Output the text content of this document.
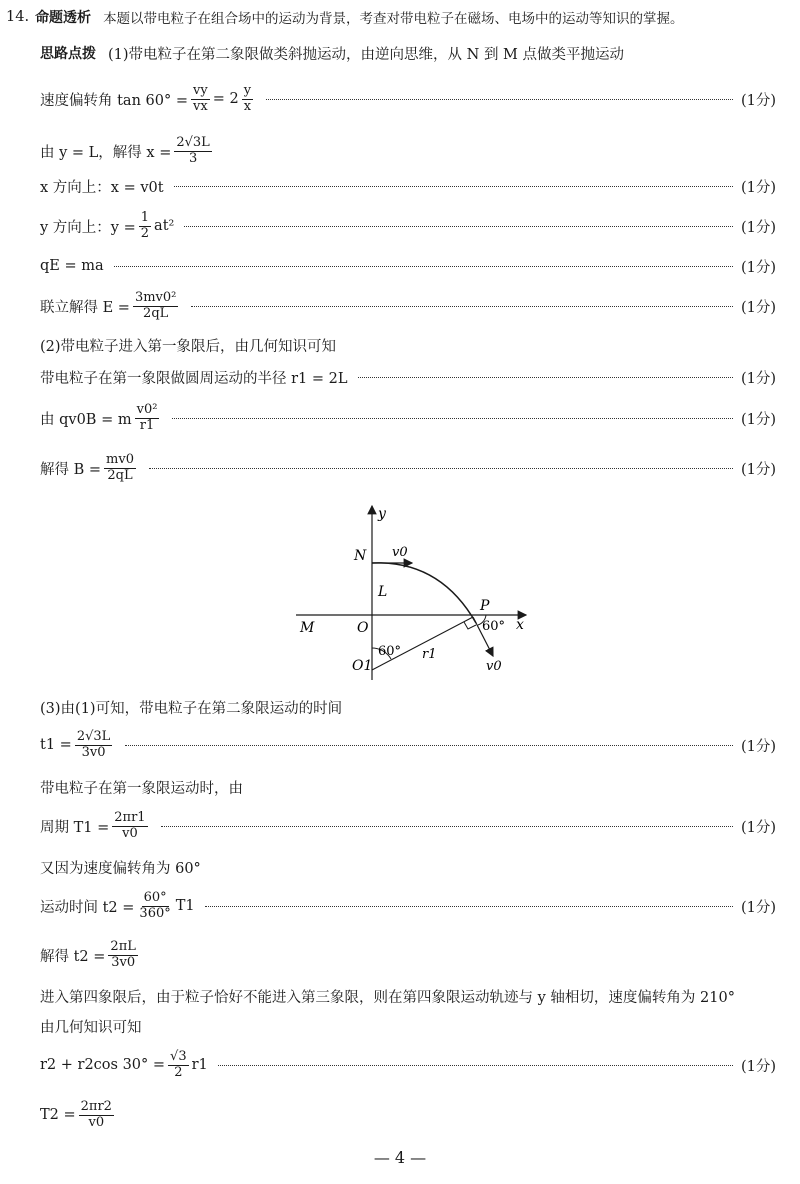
14. 命题透析 本题以带电粒子在组合场中的运动为背景，考查对带电粒子在磁场、电场中的运动等知识的掌握。
思路点拨 (1)带电粒子在第二象限做类斜抛运动，由逆向思维，从 N 到 M 点做类平抛运动
速度偏转角 $\tan 60^\circ = \frac{vy}{vx} = 2 \frac{y}{x}$	(1分)
由 y = L，解得 $x = \frac{2√3L}{3}$
x 方向上：x = v0t	(1分)
y 方向上：$y = \frac{1}{2} at^2$	(1分)
qE = ma	(1分)
联立解得 $E = \frac{\text{3mv0²}}{2qL}$	(1分)
(2)带电粒子进入第一象限后，由几何知识可知
带电粒子在第一象限做圆周运动的半径 r1 = 2L	(1分)
由 qv0B = m $\frac{\text{v0²}}{r1}$	(1分)
解得 $B = \frac{mv0}{2qL}$	(1分)
y
x
N v0
L
M	O
O1
60° r1
P
60°
v0
(3)由(1)可知，带电粒子在第二象限运动的时间
$t1 = \frac{2√3L}{3v0}$	(1分)
带电粒子在第一象限运动时，由
周期 $T1 = \frac{2\pi r1}{v0}$	(1分)
又因为速度偏转角为 60°
运动时间 $t2 = \frac{60^\circ}{360^\circ} T1$	(1分)
解得 $t2 = \frac{2\pi L}{3v0}$
进入第四象限后，由于粒子恰好不能进入第三象限，则在第四象限运动轨迹与 y 轴相切，速度偏转角为 210°
由几何知识可知
r2 + r2cos $30^\circ = \frac{√3}{2} r1$	(1分)
$T2 = \frac{2\pi r2}{v0}$
— 4 —
